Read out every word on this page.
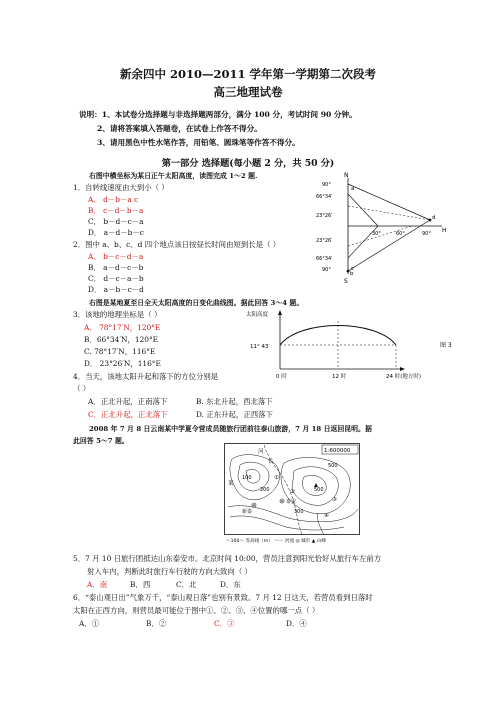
新余四中 2010—2011 学年第一学期第二次段考
高三地理试卷
说明：1、本试卷分选择题与非选择题两部分，满分 100 分，考试时间 90 分钟。
2、请将答案填入答题卷，在试卷上作答不得分。
3、请用黑色中性水笔作答，用铅笔、圆珠笔等作答不得分。
第一部分 选择题(每小题 2 分，共 50 分)
右图中横坐标为某日正午太阳高度，读图完成 1～2 题.
1．自转线速度由大到小（ ）
A． d－b－a c
B． c－d－b－a
C． b－d－c－a
D． a－d－b－c
2．图中 a、b、c、d 四个地点该日按昼长时间由短到长是（ ）
A． b－c－d－a
B． a－d－c－b
C． d－c－a－b
D． a－b－c－d
右图是某地夏至日全天太阳高度的日变化曲线图。据此回答 3～4 题。
3．该地的地理坐标是（ ）
A． 78°17′N，120°E
B．66°34′N，120°E
C. 78°17′N，116°E
D． 23°26′N，116°E
4．当天，该地太阳升起和落下的方位分别是
（ ）
A．正北升起，正南落下	B. 东北升起，西北落下
C．正北升起，正北落下	D. 正东升起，正西落下
2008 年 7 月 8 日云南某中学夏令营成员随旅行团前往泰山旅游，7 月 18 日返回昆明。据
此回答 5～7 题。
5．7 月 10 日旅行团抵达山东泰安市。北京时间 10:00，营员注意到阳光恰好从旅行车左前方
射入车内，判断此时旅行车行驶的方向大致向（ ）
A．南	B．西	C．北	D．东
6．“泰山观日出”气象万千，“泰山观日落”也别有景致。7 月 12 日这天，若营员看到日落时
太阳在正西方向，则营员最可能位于图中①、②、③、④位置的哪一点（ ）
A．①	B．②	C．③	D．④
N
S
H
90°
66°34′
23°26′
23°26′
66°34′
90°
30°	60°	90°
a
b
c
d
太阳高度
11° 43′
0 时	12 时	24 时(地方时)
图 3
1:600000
河
长
莱
500
500
300
100
200
新泰
泰安
①
②
③
④
～100～ 等高线（m） ～～ 河流 ◎ 城市 ▲ 山峰
